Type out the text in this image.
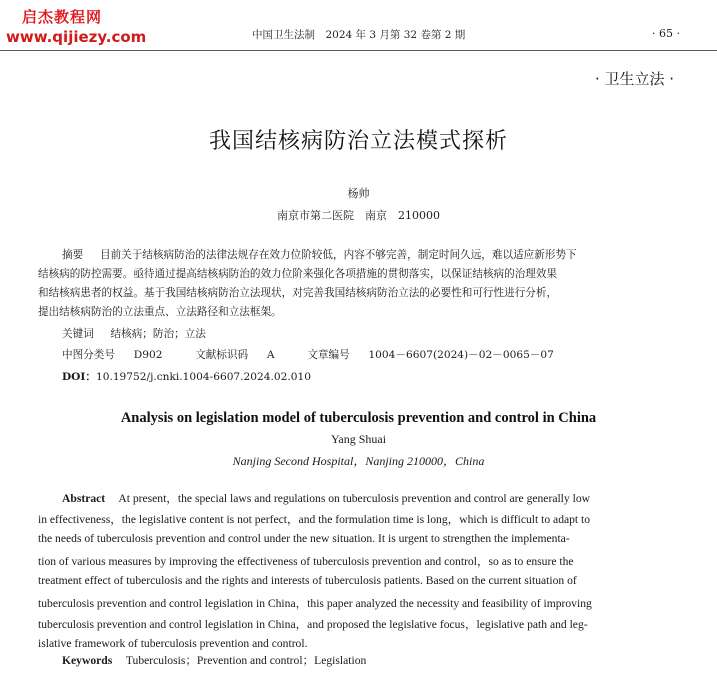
启杰教程网
www.qijiezy.com	中国卫生法制　2024 年 3 月第 32 卷第 2 期	· 65 ·
· 卫生立法 ·
我国结核病防治立法模式探析
杨帅
南京市第二医院　南京　210000
摘要 目前关于结核病防治的法律法规存在效力位阶较低，内容不够完善，制定时间久远，难以适应新形势下
结核病的防控需要。亟待通过提高结核病防治的效力位阶来强化各项措施的贯彻落实，以保证结核病的治理效果
和结核病患者的权益。基于我国结核病防治立法现状，对完善我国结核病防治立法的必要性和可行性进行分析，
提出结核病防治的立法重点、立法路径和立法框架。
关键词 结核病；防治；立法
中图分类号 D902	文献标识码 A	文章编号 1004－6607(2024)－02－0065－07
DOI：10.19752/j.cnki.1004-6607.2024.02.010
Analysis on legislation model of tuberculosis prevention and control in China
Yang Shuai
Nanjing Second Hospital，Nanjing 210000，China
Abstract At present，the special laws and regulations on tuberculosis prevention and control are generally low
in effectiveness，the legislative content is not perfect，and the formulation time is long，which is difficult to adapt to
the needs of tuberculosis prevention and control under the new situation. It is urgent to strengthen the implementa-
tion of various measures by improving the effectiveness of tuberculosis prevention and control，so as to ensure the
treatment effect of tuberculosis and the rights and interests of tuberculosis patients. Based on the current situation of
tuberculosis prevention and control legislation in China，this paper analyzed the necessity and feasibility of improving
tuberculosis prevention and control legislation in China，and proposed the legislative focus，legislative path and leg-
islative framework of tuberculosis prevention and control.
Keywords Tuberculosis；Prevention and control；Legislation
